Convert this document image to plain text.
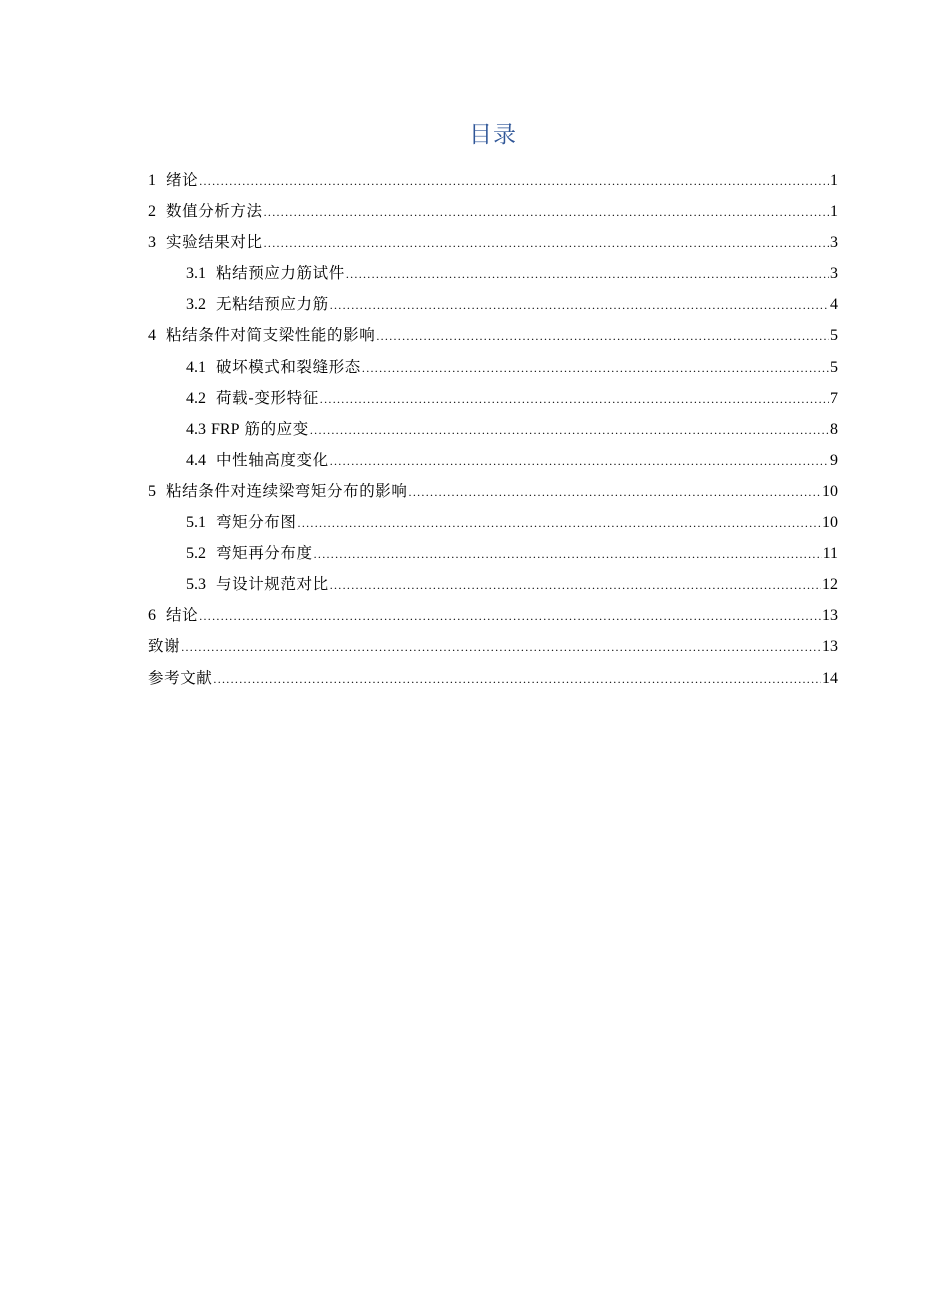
目录
1 绪论 .....	1
2 数值分析方法 .....	1
3 实验结果对比 .....	3
3.1 粘结预应力筋试件 .....	3
3.2 无粘结预应力筋 .....	4
4 粘结条件对简支梁性能的影响 .....	5
4.1 破坏模式和裂缝形态 .....	5
4.2 荷载-变形特征 .....	7
4.3 FRP 筋的应变 .....	8
4.4 中性轴高度变化 .....	9
5 粘结条件对连续梁弯矩分布的影响 .....	10
5.1 弯矩分布图 .....	10
5.2 弯矩再分布度 .....	11
5.3 与设计规范对比 .....	12
6 结论 .....	13
致谢 .....	13
参考文献 .....	14
